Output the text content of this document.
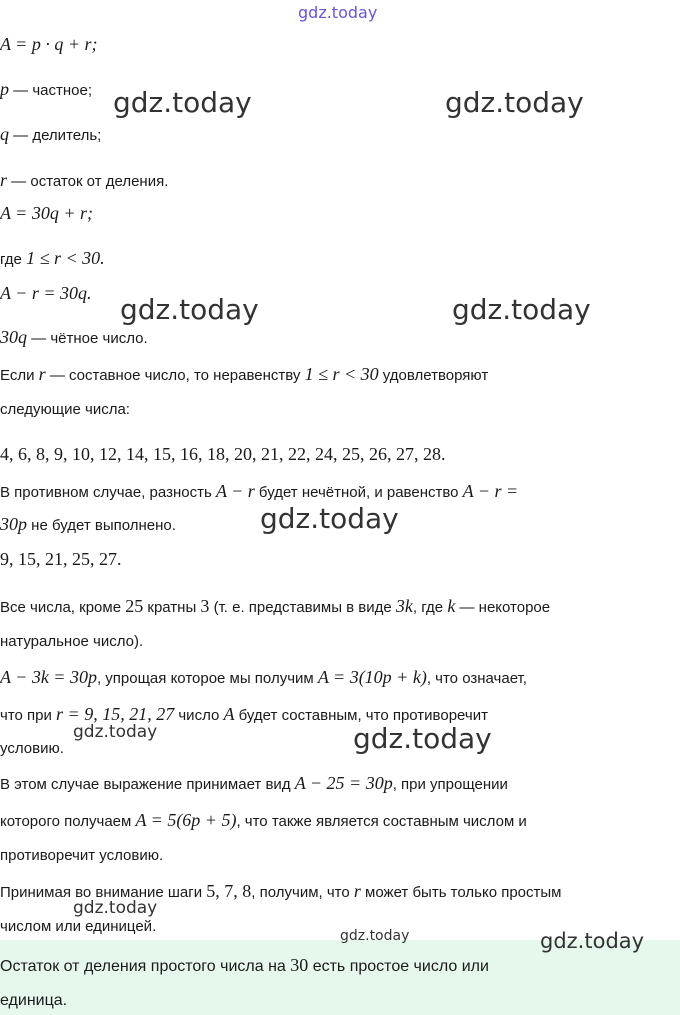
gdz.today
gdz.today	gdz.today
gdz.today	gdz.today
gdz.today
gdz.today	gdz.today
gdz.today
gdz.today	gdz.today
A = p · q + r;
p — частное;
q — делитель;
r — остаток от деления.
A = 30q + r;
где 1 ≤ r < 30.
A − r = 30q.
30q — чётное число.
Если r — составное число, то неравенству 1 ≤ r < 30 удовлетворяют
следующие числа:
4, 6, 8, 9, 10, 12, 14, 15, 16, 18, 20, 21, 22, 24, 25, 26, 27, 28.
В противном случае, разность A − r будет нечётной, и равенство A − r =
30p не будет выполнено.
9, 15, 21, 25, 27.
Все числа, кроме 25 кратны 3 (т. е. представимы в виде 3k, где k — некоторое
натуральное число).
A − 3k = 30p, упрощая которое мы получим A = 3(10p + k), что означает,
что при r = 9, 15, 21, 27 число A будет составным, что противоречит
условию.
В этом случае выражение принимает вид A − 25 = 30p, при упрощении
которого получаем A = 5(6p + 5), что также является составным числом и
противоречит условию.
Принимая во внимание шаги 5, 7, 8, получим, что r может быть только простым
числом или единицей.
Остаток от деления простого числа на 30 есть простое число или
единица.
